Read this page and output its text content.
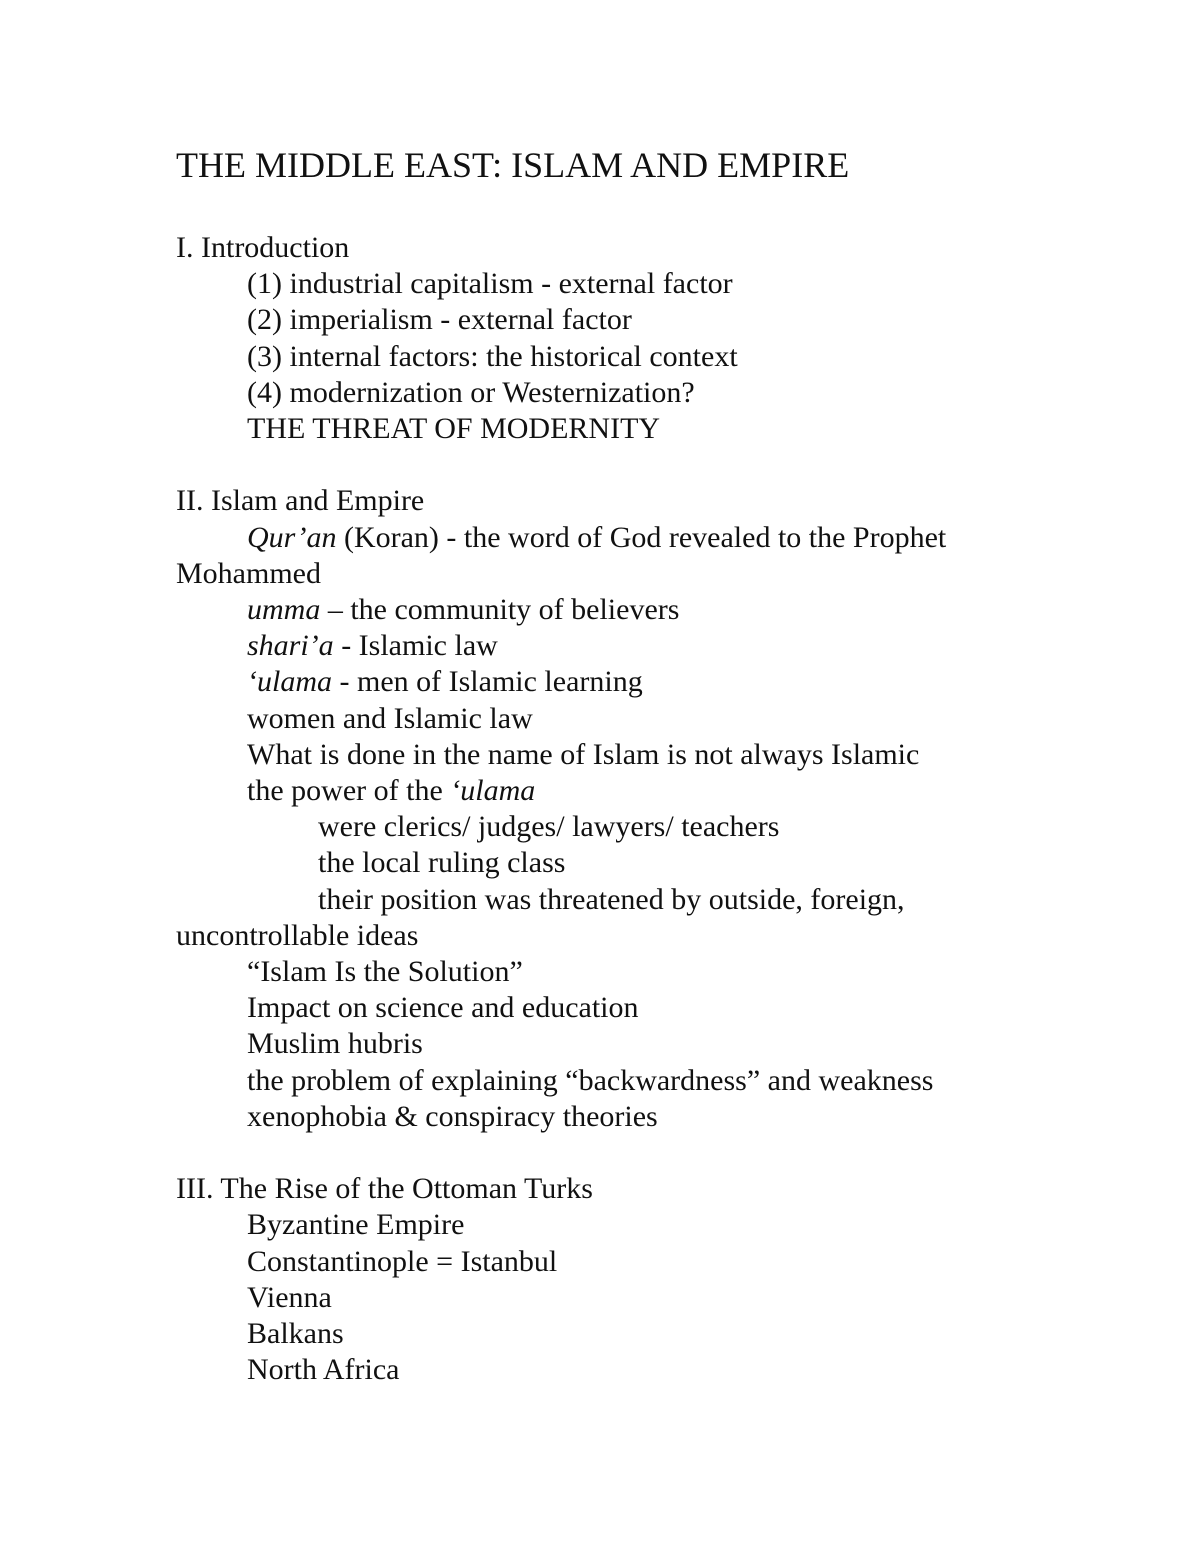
THE MIDDLE EAST: ISLAM AND EMPIRE
I. Introduction
(1) industrial capitalism - external factor
(2) imperialism - external factor
(3) internal factors: the historical context
(4) modernization or Westernization?
THE THREAT OF MODERNITY
II. Islam and Empire
Qur’an (Koran) - the word of God revealed to the Prophet
Mohammed
umma – the community of believers
shari’a - Islamic law
‘ulama - men of Islamic learning
women and Islamic law
What is done in the name of Islam is not always Islamic
the power of the ‘ulama
were clerics/ judges/ lawyers/ teachers
the local ruling class
their position was threatened by outside, foreign,
uncontrollable ideas
“Islam Is the Solution”
Impact on science and education
Muslim hubris
the problem of explaining “backwardness” and weakness
xenophobia & conspiracy theories
III. The Rise of the Ottoman Turks
Byzantine Empire
Constantinople = Istanbul
Vienna
Balkans
North Africa
